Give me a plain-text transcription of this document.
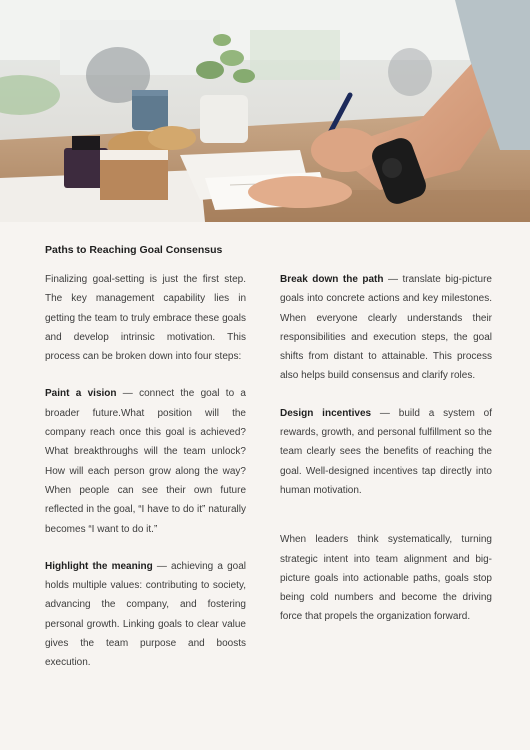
Paths to Reaching Goal Consensus

Finalizing goal-setting is just the first step. The key management capability lies in getting the team to truly embrace these goals and develop intrinsic motivation. This process can be broken down into four steps:

Paint a vision — connect the goal to a broader future.What position will the company reach once this goal is achieved? What breakthroughs will the team unlock? How will each person grow along the way? When people can see their own future reflected in the goal, “I have to do it” naturally becomes “I want to do it.”

Highlight the meaning — achieving a goal holds multiple values: contributing to society, advancing the company, and fostering personal growth. Linking goals to clear value gives the team purpose and boosts execution.

Break down the path — translate big-picture goals into concrete actions and key milestones. When everyone clearly understands their responsibilities and execution steps, the goal shifts from distant to attainable. This process also helps build consensus and clarify roles.

Design incentives — build a system of rewards, growth, and personal fulfillment so the team clearly sees the benefits of reaching the goal. Well-designed incentives tap directly into human motivation.

When leaders think systematically, turning strategic intent into team alignment and big-picture goals into actionable paths, goals stop being cold numbers and become the driving force that propels the organization forward.
